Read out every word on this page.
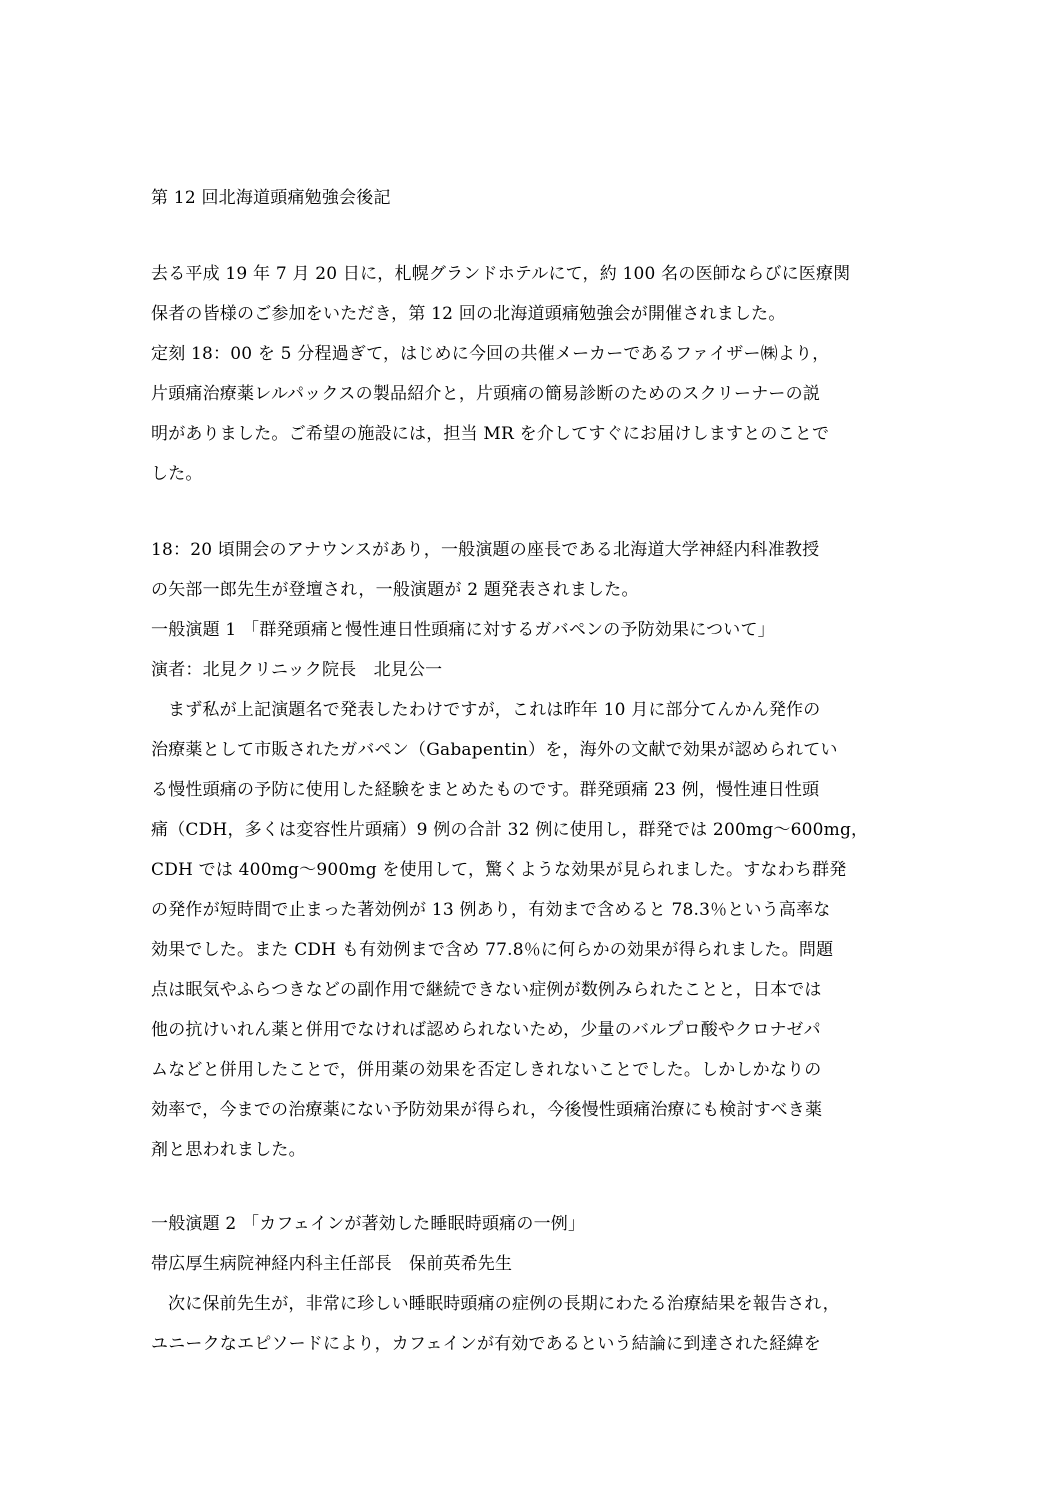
第 12 回北海道頭痛勉強会後記
去る平成 19 年 7 月 20 日に，札幌グランドホテルにて，約 100 名の医師ならびに医療関
保者の皆様のご参加をいただき，第 12 回の北海道頭痛勉強会が開催されました。
定刻 18：00 を 5 分程過ぎて，はじめに今回の共催メーカーであるファイザー㈱より，
片頭痛治療薬レルパックスの製品紹介と，片頭痛の簡易診断のためのスクリーナーの説
明がありました。ご希望の施設には，担当 MR を介してすぐにお届けしますとのことで
した。
18：20 頃開会のアナウンスがあり，一般演題の座長である北海道大学神経内科准教授
の矢部一郎先生が登壇され，一般演題が 2 題発表されました。
一般演題 1 「群発頭痛と慢性連日性頭痛に対するガバペンの予防効果について」
演者：北見クリニック院長　北見公一
まず私が上記演題名で発表したわけですが，これは昨年 10 月に部分てんかん発作の
治療薬として市販されたガバペン（Gabapentin）を，海外の文献で効果が認められてい
る慢性頭痛の予防に使用した経験をまとめたものです。群発頭痛 23 例，慢性連日性頭
痛（CDH，多くは変容性片頭痛）9 例の合計 32 例に使用し，群発では 200mg～600mg，
CDH では 400mg～900mg を使用して，驚くような効果が見られました。すなわち群発
の発作が短時間で止まった著効例が 13 例あり，有効まで含めると 78.3％という高率な
効果でした。また CDH も有効例まで含め 77.8％に何らかの効果が得られました。問題
点は眠気やふらつきなどの副作用で継続できない症例が数例みられたことと，日本では
他の抗けいれん薬と併用でなければ認められないため，少量のバルプロ酸やクロナゼパ
ムなどと併用したことで，併用薬の効果を否定しきれないことでした。しかしかなりの
効率で，今までの治療薬にない予防効果が得られ，今後慢性頭痛治療にも検討すべき薬
剤と思われました。
一般演題 2 「カフェインが著効した睡眠時頭痛の一例」
帯広厚生病院神経内科主任部長　保前英希先生
次に保前先生が，非常に珍しい睡眠時頭痛の症例の長期にわたる治療結果を報告され，
ユニークなエピソードにより，カフェインが有効であるという結論に到達された経緯を
